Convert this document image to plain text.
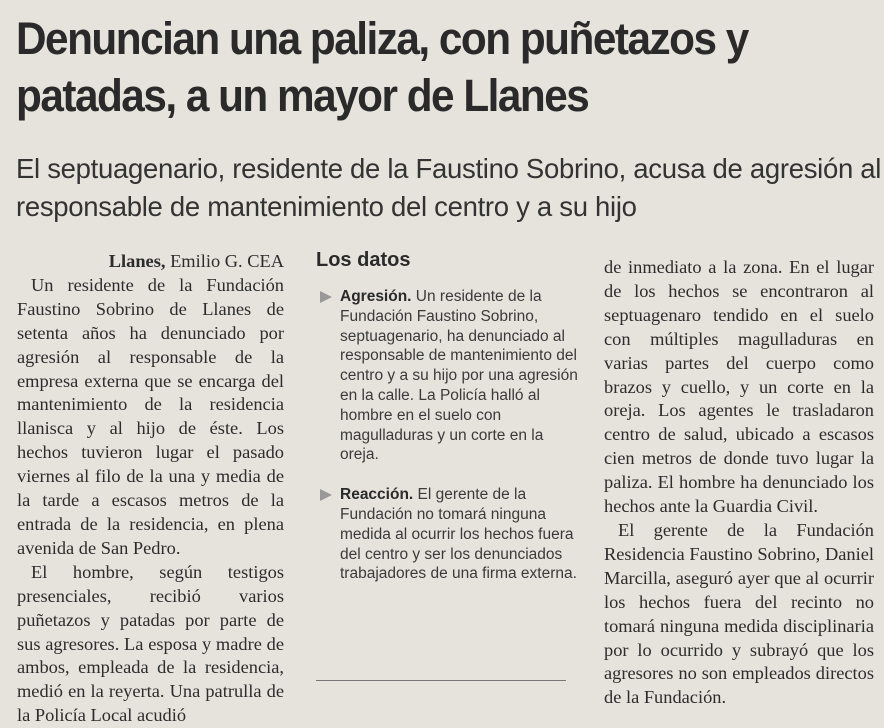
Denuncian una paliza, con puñetazos y patadas, a un mayor de Llanes
El septuagenario, residente de la Faustino Sobrino, acusa de agresión al responsable de mantenimiento del centro y a su hijo
Llanes, Emilio G. CEA

Un residente de la Fundación Faustino Sobrino de Llanes de setenta años ha denunciado por agresión al responsable de la empresa externa que se encarga del mantenimiento de la residencia llanisca y al hijo de éste. Los hechos tuvieron lugar el pasado viernes al filo de la una y media de la tarde a escasos metros de la entrada de la residencia, en plena avenida de San Pedro.

El hombre, según testigos presenciales, recibió varios puñetazos y patadas por parte de sus agresores. La esposa y madre de ambos, empleada de la residencia, medió en la reyerta. Una patrulla de la Policía Local acudió

Los datos
Agresión. Un residente de la Fundación Faustino Sobrino, septuagenario, ha denunciado al responsable de mantenimiento del centro y a su hijo por una agresión en la calle. La Policía halló al hombre en el suelo con magulladuras y un corte en la oreja.
Reacción. El gerente de la Fundación no tomará ninguna medida al ocurrir los hechos fuera del centro y ser los denunciados trabajadores de una firma externa.

de inmediato a la zona. En el lugar de los hechos se encontraron al septuagenaro tendido en el suelo con múltiples magulladuras en varias partes del cuerpo como brazos y cuello, y un corte en la oreja. Los agentes le trasladaron centro de salud, ubicado a escasos cien metros de donde tuvo lugar la paliza. El hombre ha denunciado los hechos ante la Guardia Civil.

El gerente de la Fundación Residencia Faustino Sobrino, Daniel Marcilla, aseguró ayer que al ocurrir los hechos fuera del recinto no tomará ninguna medida disciplinaria por lo ocurrido y subrayó que los agresores no son empleados directos de la Fundación.
